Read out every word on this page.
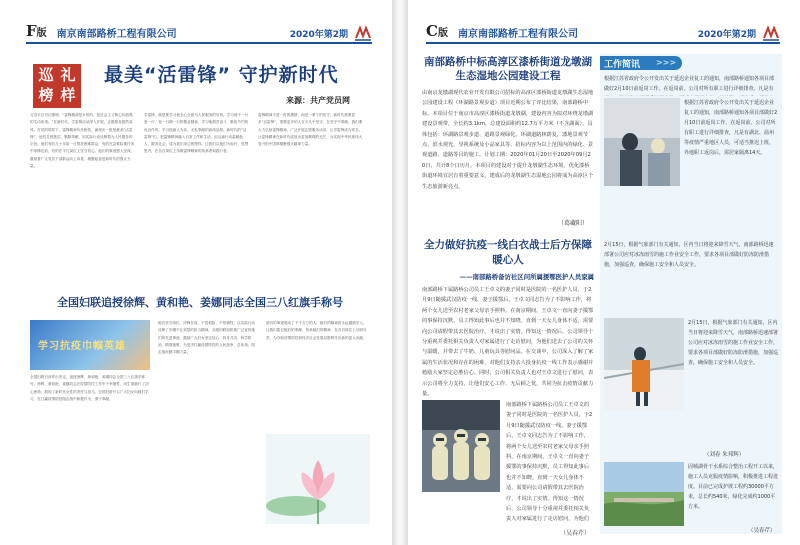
F版 南京南部路桥工程有限公司	2020年第2期
巡 礼
榜 样
最美“活雷锋” 守护新时代
来源：共产党员网
习近平总书记强调，“雷锋精神是永恒的，是社会主义核心价值观的生动体现。”在新时代，学雷锋活动深入开展，志愿服务蔚然成风。在党的领导下，雷锋精神代代相传，涌现出一批批最美“活雷锋”，他们扎根基层，默默奉献，用实际行动诠释着为人民服务的宗旨。他们有的几十年如一日帮扶困难群众，有的在急难险重任务中冲锋在前，有的在平凡岗位上坚守初心。他们的事迹感人至深，激励着广大党员干部群众向上向善，凝聚起奋进新时代的强大力量。
学雷锋，就是要学习他全心全意为人民服务的宗旨，学习他干一行爱一行、钻一行精一行的敬业精神，学习他艰苦奋斗、勤俭节约的优良作风，学习他助人为乐、无私奉献的高尚品格。新时代的“活雷锋”们，把雷锋精神融入日常工作和生活，用点滴行动温暖他人、服务社会，成为我们身边的榜样。让我们以他们为标杆，见贤思齐，在各自岗位上争做雷锋精神的传承者和践行者。
雷锋精神不是一时的激情，而是一辈子的坚守。新时代需要更多“活雷锋”，需要更多的人在平凡中坚守、在坚守中奉献。我们要大力弘扬雷锋精神，广泛开展志愿服务活动，让学雷锋成为常态，让雷锋精神在新时代绽放出更加璀璨的光芒，为实现中华民族伟大复兴的中国梦凝聚强大精神力量。
全国妇联追授徐辉、黄和艳、姜娜同志全国三八红旗手称号
学习抗疫巾帼英雄
全国妇联日前作出决定，追授徐辉、黄和艳、姜娜同志全国三八红旗手称号。徐辉、黄和艳、姜娜同志在疫情防控工作中不幸牺牲，用生命践行了初心使命，展现了新时代女性的责任与担当。全国妇联号召广大妇女向她们学习，在打赢疫情防控阻击战中积极作为、勇于奉献。
她们坚守岗位、冲锋在前，不畏艰险、不怕牺牲，以实际行动诠释了巾帼不让须眉的担当精神。各级妇联组织要广泛宣传她们的先进事迹，激励广大妇女坚定信心、同舟共济、科学防治、精准施策，为坚决打赢疫情防控的人民战争、总体战、阻击战贡献巾帼力量。
她们的事迹感动了千千万万的人，她们的精神将永远激励后人。让我们铭记她们的奉献，传承她们的精神，在各自岗位上尽职尽责，为夺取疫情防控和经济社会发展双胜利作出新的更大贡献。
C版 南京南部路桥工程有限公司	2020年第2期
南部路桥中标高淳区漆桥街道龙墩湖生态湿地公园建设工程
由南京龙墩湖现代农业开发有限公司招标的高淳区漆桥街道龙墩湖生态湿地公园建设工程（环湖路景观步道）项目近期公布了评比结果，南部路桥中标。本项目位于南京市高淳区漆桥街道龙墩湖，建设内容为拟对环绕龙墩湖建设景观带，全长约3.1km，总建设面积约12.7万平方米（不含湖面），具体包括：环湖路景观步道、道路景观绿化、环湖道路林荫复，漆地景观节点、滨水观光、导视系统及小品家具等。招标内容为以上范围内的绿化、景观道路、道路等目的施工，计划工期：2020年01月20日至2020年09月20日，共计8个日历月。本项目的建设对于提升龙墩湖生态环境、优化漆桥街道环境宜居有着重要意义，建成后的龙墩湖生态湿地公园将成为高淳区个生态旅游新亮点。
（葛藏阳）
全力做好抗疫一线白衣战士后方保障暖心人
——南部路桥备访社区问所属援鄂医护人员家属
南部路桥下属路桥公司员工王卓文的妻子同时是医院的一名医护人员，于2月9日随援武汉防疫一线。妻子援鄂后，王卓文同志告为了不影响工作，将两个女儿送至农村老家父母亲手照料。在南京期间，王卓文一直向妻子援鄂的事保持沉默，员工得知此事后也并不知晓。直到一天女儿身体不适，需要向公司请假带其去医院治疗，才说出了实情。得知这一情况后，公司领导十分重视并委托相关负责人对家属进行了走访慰问，为他们送去了公司的关怀与温暖，并带去了牛奶、儿童玩具等慰问品。在交谈中，公司深入了解了家属的生活状况和存在的困难，对他们支持亲人投身抗疫一线工作表示感谢并勉励大家坚定必胜信心。同时，公司相关负责人也对王卓文进行了慰问，表示公司将全力支持，让他们安心工作、无后顾之忧，共同为抗击疫情贡献力量。
南部路桥下属路桥公司员工王卓文的妻子同时是医院的一名医护人员，于2月9日随援武汉防疫一线。妻子援鄂后，王卓文同志告为了不影响工作，将两个女儿送至农村老家父母亲手照料。在南京期间，王卓文一直向妻子援鄂的事保持沉默，员工得知此事后也并不知晓。直到一天女儿身体不适，需要向公司请假带其去医院治疗，才说出了实情。得知这一情况后，公司领导十分重视并委托相关负责人对家属进行了走访慰问，为他们
（吴春芹）
工作简讯 >>>
根据江苏省政府令公开发出关于延迟企业复工的通知，南部路桥通知各项目部做好2月10日前返岗工作。在返岗前，公司对所有职工进行详细排查，凡是有
根据江苏省政府令公开发出关于延迟企业复工的通知，南部路桥通知各项目部做好2月10日前返岗工作。在返岗前，公司对所有职工进行详细排查，凡是有湖北、温州等疫情严重地区人员，可适当推迟上班，外地职工返岗后，需居家隔离14天。
2月15日，根据气象部门有关通知，区内当日将迎来降雪天气，南部路桥迅速部署公司应对冰冻雨雪的施工作业安全工作，要求各项目部做好防冻防滑措施，加强巡查，确保施工安全和人员安全。
2月15日，根据气象部门有关通知，区内当日将迎来降雪天气，南部路桥迅速部署公司应对冰冻雨雪的施工作业安全工作，要求各项目部做好防冻防滑措施，加强巡查，确保施工安全和人员安全。
（刘春 朱邦辉）
固城湖骨干水系综合整治工程开工以来，施工人员克服疫情影响，积极推进工程进度。目前已完成护坡工程约30000平方米，总长约540米，绿化完成约1000平方米。
（吴春芹）
